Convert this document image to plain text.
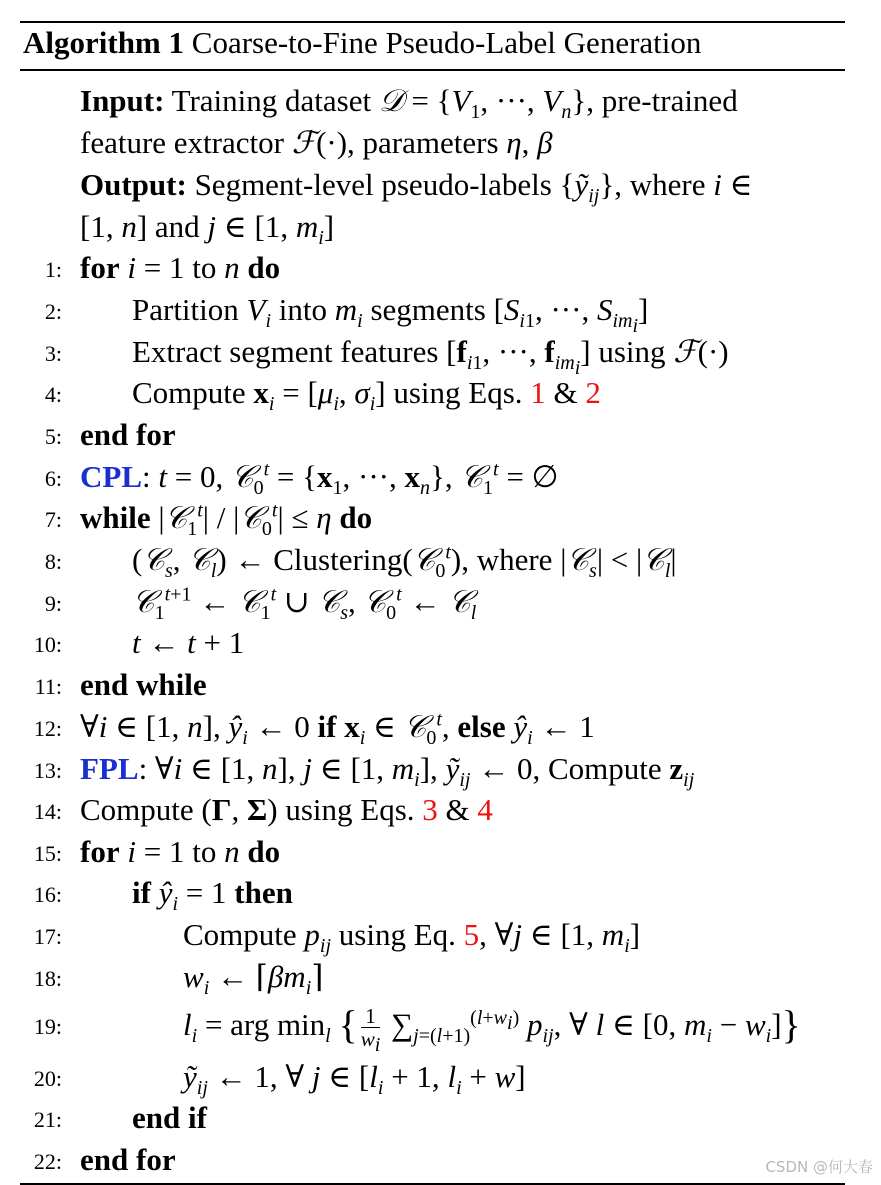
Algorithm 1 Coarse-to-Fine Pseudo-Label Generation
Input: Training dataset 𝒟 = {$V_1$, ···, $V_n$}, pre-trained
feature extractor ℱ(·), parameters η, β
Output: Segment-level pseudo-labels {ỹ$_{ij}$}, where i ∈
[1, n] and j ∈ [1, $m_i$]
1: for i = 1 to n do
2: Partition $V_i$ into $m_i$ segments [$S_{i1}$, ···, $S_{im_i}$]
3: Extract segment features [$f_{i1}$, ···, $f_{im_i}$] using ℱ(·)
4: Compute $x_i = [\mu_i$, $\sigma_i$] using Eqs. 1 & 2
5: end for
6: CPL: t = 0, 𝒞$_0^t$ = {$x_1$, ···, $x_n$}, 𝒞$_1^t$ = ∅
7: while |𝒞$_1^t$| / |𝒞$_0^t$| ≤ η do
8: (𝒞$_s$, 𝒞$_l$) ← Clustering(𝒞$_0^t$), where |𝒞$_s$| < |𝒞$_l$|
9: 𝒞$_1^{t+1}$ ← 𝒞$_1^t$ ∪ 𝒞$_s$, 𝒞$_0^t$ ← 𝒞$_l$
10: t ← t + 1
11: end while
12: ∀i ∈ [1, n], $ŷ_i$ ← 0 if $x_i$ ∈ 𝒞$_0^t$, else $ŷ_i$ ← 1
13: FPL: ∀i ∈ [1, n], j ∈ [1, $m_i$], ỹ$_{ij}$ ← 0, Compute $z_{ij}$
14: Compute (Γ, Σ) using Eqs. 3 & 4
15: for i = 1 to n do
16: if $ŷ_i = 1$ then
17:	Compute $p_{ij}$ using Eq. 5, ∀j ∈ [1, $m_i$]
18:	$w_i$ ← $⌈\beta m_i⌉$
19:	$l_i$ = arg $\min_l$ { $\frac{1}{w_i} \sum_{j=(l+1)}^{(l+w_i)}$ $p_{ij}$, ∀ l ∈ [0, $m_i - w_i$]}
20:	ỹ$_{ij}$ ← 1, ∀ j ∈ [$l_i + 1$, $l_i + w$]
21: end if
22: end for	CSDN @何大春
